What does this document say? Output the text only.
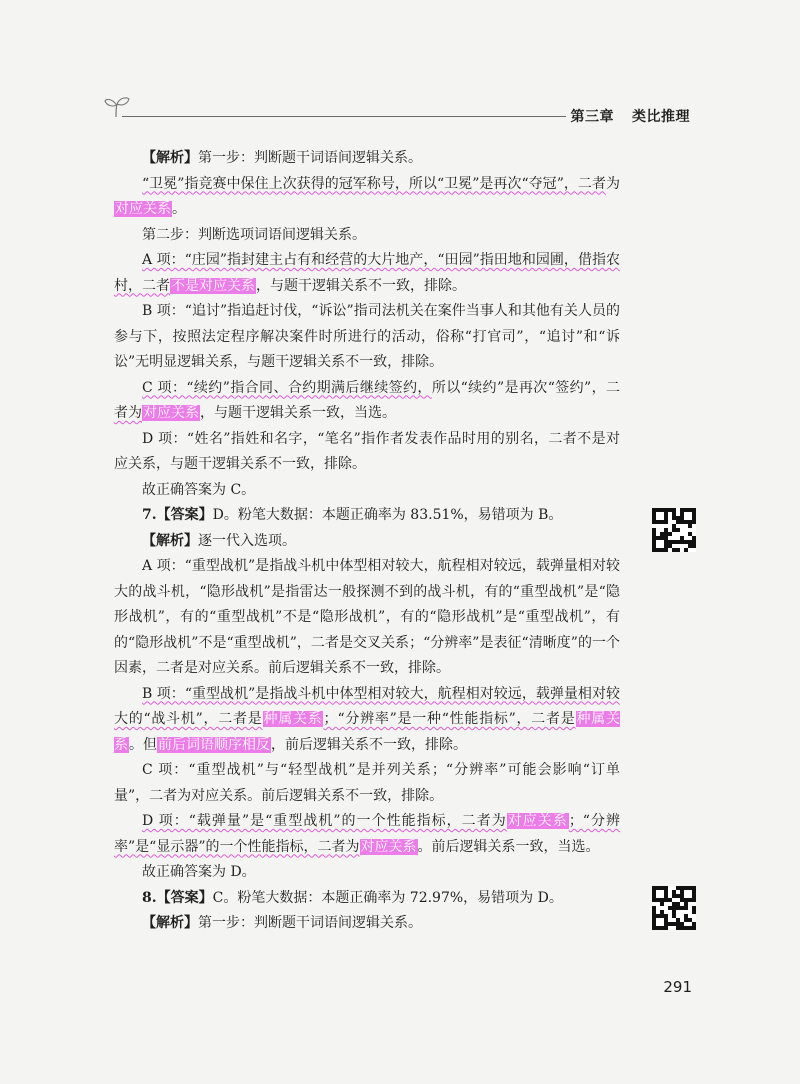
第三章 类比推理

【解析】第一步：判断题干词语间逻辑关系。

“卫冕”指竞赛中保住上次获得的冠军称号，所以“卫冕”是再次“夺冠”，二者为对应关系。

第二步：判断选项词语间逻辑关系。

A 项：“庄园”指封建主占有和经营的大片地产，“田园”指田地和园圃，借指农村，二者不是对应关系，与题干逻辑关系不一致，排除。

B 项：“追讨”指追赶讨伐，“诉讼”指司法机关在案件当事人和其他有关人员的参与下，按照法定程序解决案件时所进行的活动，俗称“打官司”，“追讨”和“诉讼”无明显逻辑关系，与题干逻辑关系不一致，排除。

C 项：“续约”指合同、合约期满后继续签约，所以“续约”是再次“签约”，二者为对应关系，与题干逻辑关系一致，当选。

D 项：“姓名”指姓和名字，“笔名”指作者发表作品时用的别名，二者不是对应关系，与题干逻辑关系不一致，排除。

故正确答案为 C。

7.【答案】D。粉笔大数据：本题正确率为 83.51%，易错项为 B。

【解析】逐一代入选项。

A 项：“重型战机”是指战斗机中体型相对较大，航程相对较远，载弹量相对较大的战斗机，“隐形战机”是指雷达一般探测不到的战斗机，有的“重型战机”是“隐形战机”，有的“重型战机”不是“隐形战机”，有的“隐形战机”是“重型战机”，有的“隐形战机”不是“重型战机”，二者是交叉关系；“分辨率”是表征“清晰度”的一个因素，二者是对应关系。前后逻辑关系不一致，排除。

B 项：“重型战机”是指战斗机中体型相对较大，航程相对较远，载弹量相对较大的“战斗机”，二者是种属关系；“分辨率”是一种“性能指标”，二者是种属关系。但前后词语顺序相反，前后逻辑关系不一致，排除。

C 项：“重型战机”与“轻型战机”是并列关系；“分辨率”可能会影响“订单量”，二者为对应关系。前后逻辑关系不一致，排除。

D 项：“载弹量”是“重型战机”的一个性能指标，二者为对应关系；“分辨率”是“显示器”的一个性能指标，二者为对应关系。前后逻辑关系一致，当选。

故正确答案为 D。

8.【答案】C。粉笔大数据：本题正确率为 72.97%，易错项为 D。

【解析】第一步：判断题干词语间逻辑关系。

291
